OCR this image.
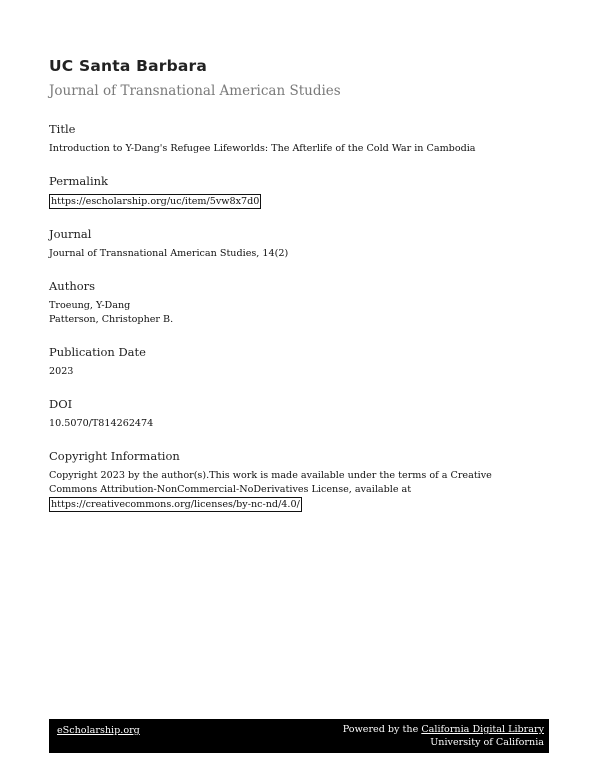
UC Santa Barbara
Journal of Transnational American Studies
Title
Introduction to Y-Dang's Refugee Lifeworlds: The Afterlife of the Cold War in Cambodia
Permalink
https://escholarship.org/uc/item/5vw8x7d0
Journal
Journal of Transnational American Studies, 14(2)
Authors
Troeung, Y-Dang
Patterson, Christopher B.
Publication Date
2023
DOI
10.5070/T814262474
Copyright Information
Copyright 2023 by the author(s).This work is made available under the terms of a Creative
Commons Attribution-NonCommercial-NoDerivatives License, available at
https://creativecommons.org/licenses/by-nc-nd/4.0/
eScholarship.org	Powered by the California Digital Library
University of California
